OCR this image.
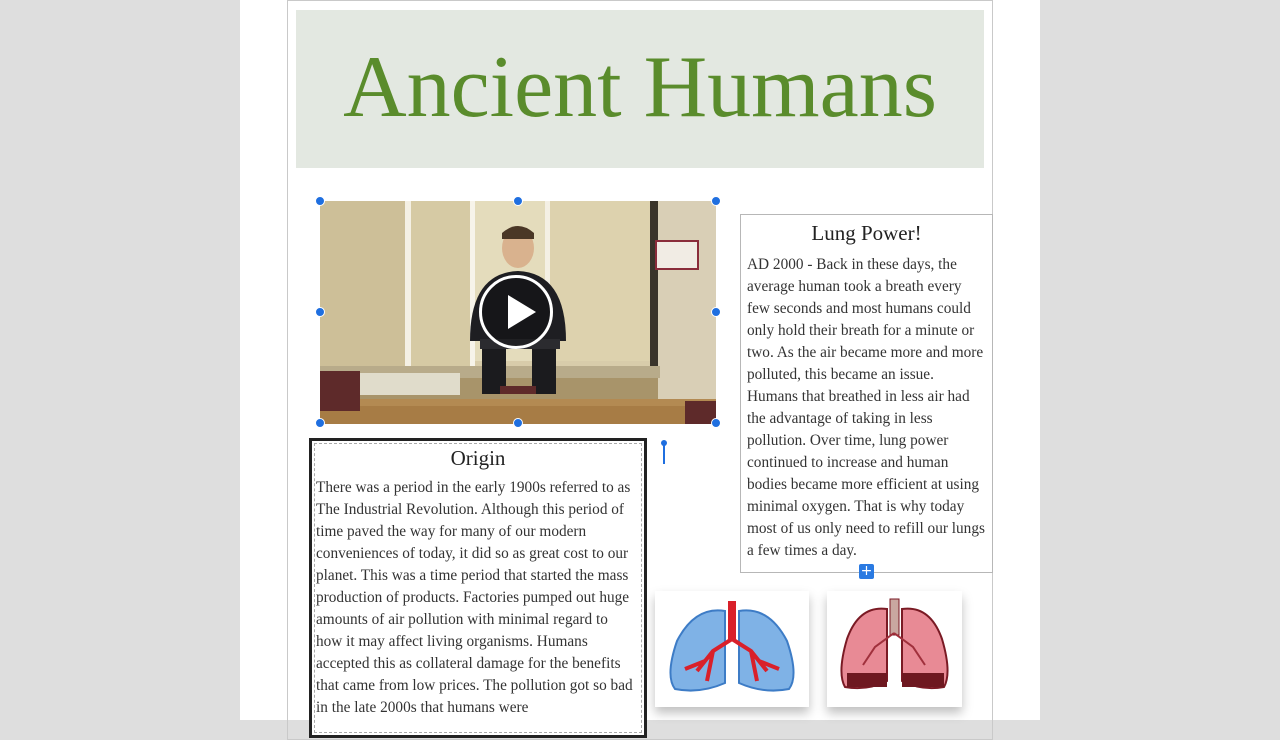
Ancient Humans
Origin
There was a period in the early 1900s referred to as The Industrial Revolution. Although this period of time paved the way for many of our modern conveniences of today, it did so as great cost to our planet. This was a time period that started the mass production of products. Factories pumped out huge amounts of air pollution with minimal regard to how it may affect living organisms. Humans accepted this as collateral damage for the benefits that came from low prices. The pollution got so bad in the late 2000s that humans were
Lung Power!
AD 2000 - Back in these days, the average human took a breath every few seconds and most humans could only hold their breath for a minute or two. As the air became more and more polluted, this became an issue. Humans that breathed in less air had the advantage of taking in less pollution. Over time, lung power continued to increase and human bodies became more efficient at using minimal oxygen. That is why today most of us only need to refill our lungs a few times a day.
+
